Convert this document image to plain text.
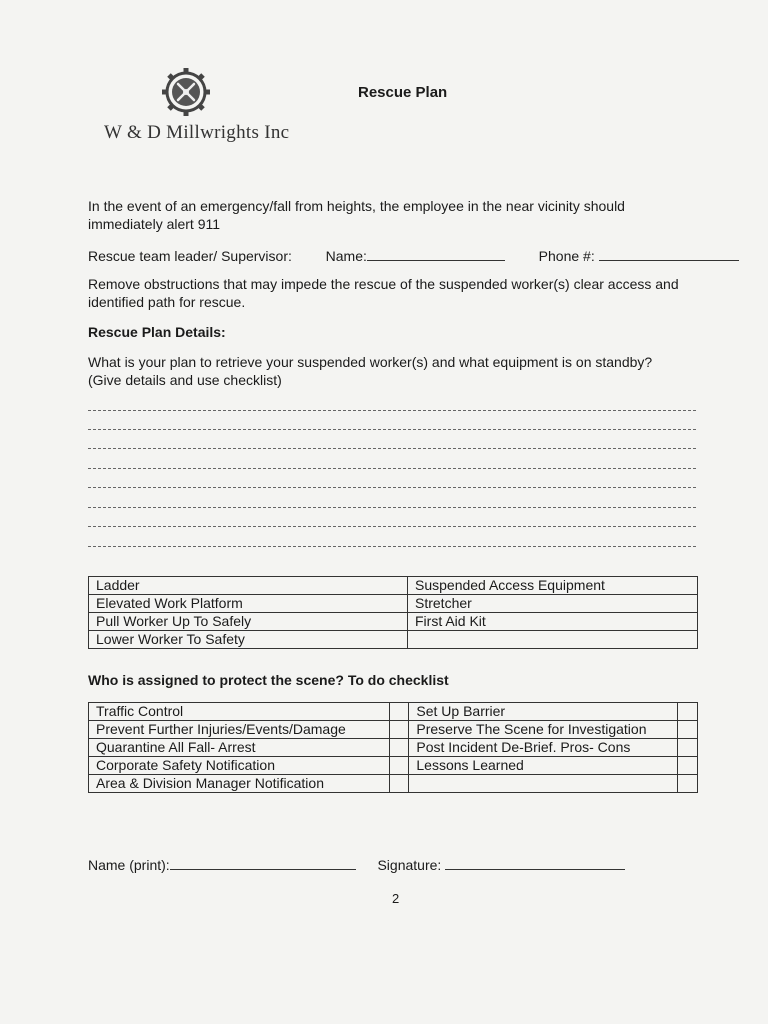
W & D Millwrights Inc
Rescue Plan
In the event of an emergency/fall from heights, the employee in the near vicinity should
immediately alert 911
Rescue team leader/ Supervisor: Name:	Phone #:
Remove obstructions that may impede the rescue of the suspended worker(s) clear access and
identified path for rescue.
Rescue Plan Details:
What is your plan to retrieve your suspended worker(s) and what equipment is on standby?
(Give details and use checklist)
Ladder	Suspended Access Equipment
Elevated Work Platform	Stretcher
Pull Worker Up To Safely	First Aid Kit
Lower Worker To Safety	
Who is assigned to protect the scene? To do checklist
Traffic Control		Set Up Barrier	
Prevent Further Injuries/Events/Damage		Preserve The Scene for Investigation	
Quarantine All Fall- Arrest		Post Incident De-Brief. Pros- Cons	
Corporate Safety Notification		Lessons Learned	
Area & Division Manager Notification			
Name (print):	Signature:
2
